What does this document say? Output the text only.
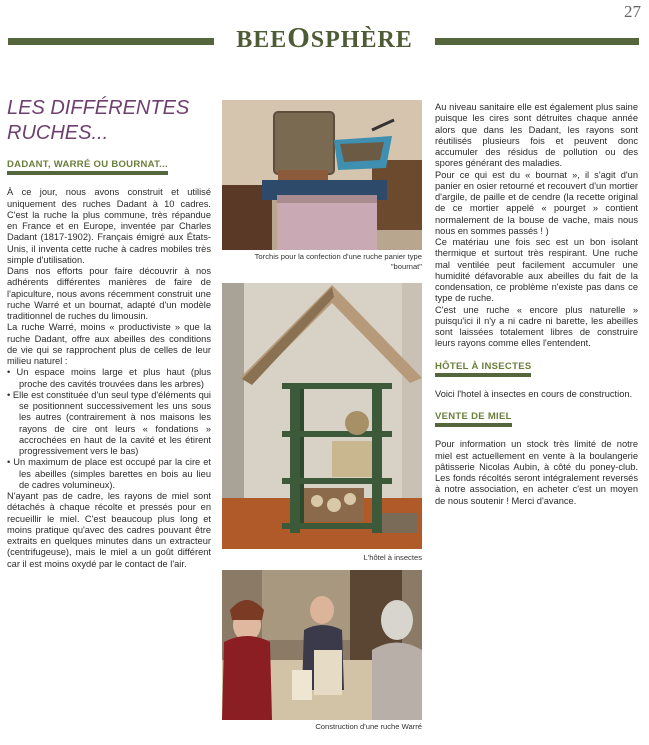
27
BEEOSPHÈRE
LES DIFFÉRENTES
RUCHES...
DADANT, WARRÉ OU BOURNAT...

À ce jour, nous avons construit et utilisé uniquement des ruches Dadant à 10 cadres. C'est la ruche la plus commune, très répandue en France et en Europe, inventée par Charles Dadant (1817-1902). Français émigré aux États-Unis, il inventa cette ruche à cadres mobiles très simple d'utilisation.

Dans nos efforts pour faire découvrir à nos adhérents différentes manières de faire de l'apiculture, nous avons récemment construit une ruche Warré et un bournat, adapté d'un modèle traditionnel de ruches du limousin.

La ruche Warré, moins « productiviste » que la ruche Dadant, offre aux abeilles des conditions de vie qui se rapprochent plus de celles de leur milieu naturel :

• Un espace moins large et plus haut (plus proche des cavités trouvées dans les arbres)

• Elle est constituée d'un seul type d'éléments qui se positionnent successivement les uns sous les autres (contrairement à nos maisons les rayons de cire ont leurs « fondations » accrochées en haut de la cavité et les étirent progressivement vers le bas)

• Un maximum de place est occupé par la cire et les abeilles (simples barettes en bois au lieu de cadres volumineux).

N'ayant pas de cadre, les rayons de miel sont détachés à chaque récolte et pressés pour en recueillir le miel. C'est beaucoup plus long et moins pratique qu'avec des cadres pouvant être extraits en quelques minutes dans un extracteur (centrifugeuse), mais le miel a un goût différent car il est moins oxydé par le contact de l'air.

Torchis pour la confection d'une ruche panier type
"bournat"
L'hôtel à insectes
Construction d'une ruche Warré

Au niveau sanitaire elle est également plus saine puisque les cires sont détruites chaque année alors que dans les Dadant, les rayons sont réutilisés plusieurs fois et peuvent donc accumuler des résidus de pollution ou des spores générant des maladies.

Pour ce qui est du « bournat », il s'agit d'un panier en osier retourné et recouvert d'un mortier d'argile, de paille et de cendre (la recette original de ce mortier appelé « pourget » contient normalement de la bouse de vache, mais nous nous en sommes passés ! )

Ce matériau une fois sec est un bon isolant thermique et surtout très respirant. Une ruche mal ventilée peut facilement accumuler une humidité défavorable aux abeilles du fait de la condensation, ce problème n'existe pas dans ce type de ruche.

C'est une ruche « encore plus naturelle » puisqu'ici il n'y a ni cadre ni barette, les abeilles sont laissées totalement libres de construire leurs rayons comme elles l'entendent.

HÔTEL À INSECTES

Voici l'hotel à insectes en cours de construction.

VENTE DE MIEL

Pour information un stock très limité de notre miel est actuellement en vente à la boulangerie pâtisserie Nicolas Aubin, à côté du poney-club. Les fonds récoltés seront intégralement reversés à notre association, en acheter c'est un moyen de nous soutenir ! Merci d'avance.
